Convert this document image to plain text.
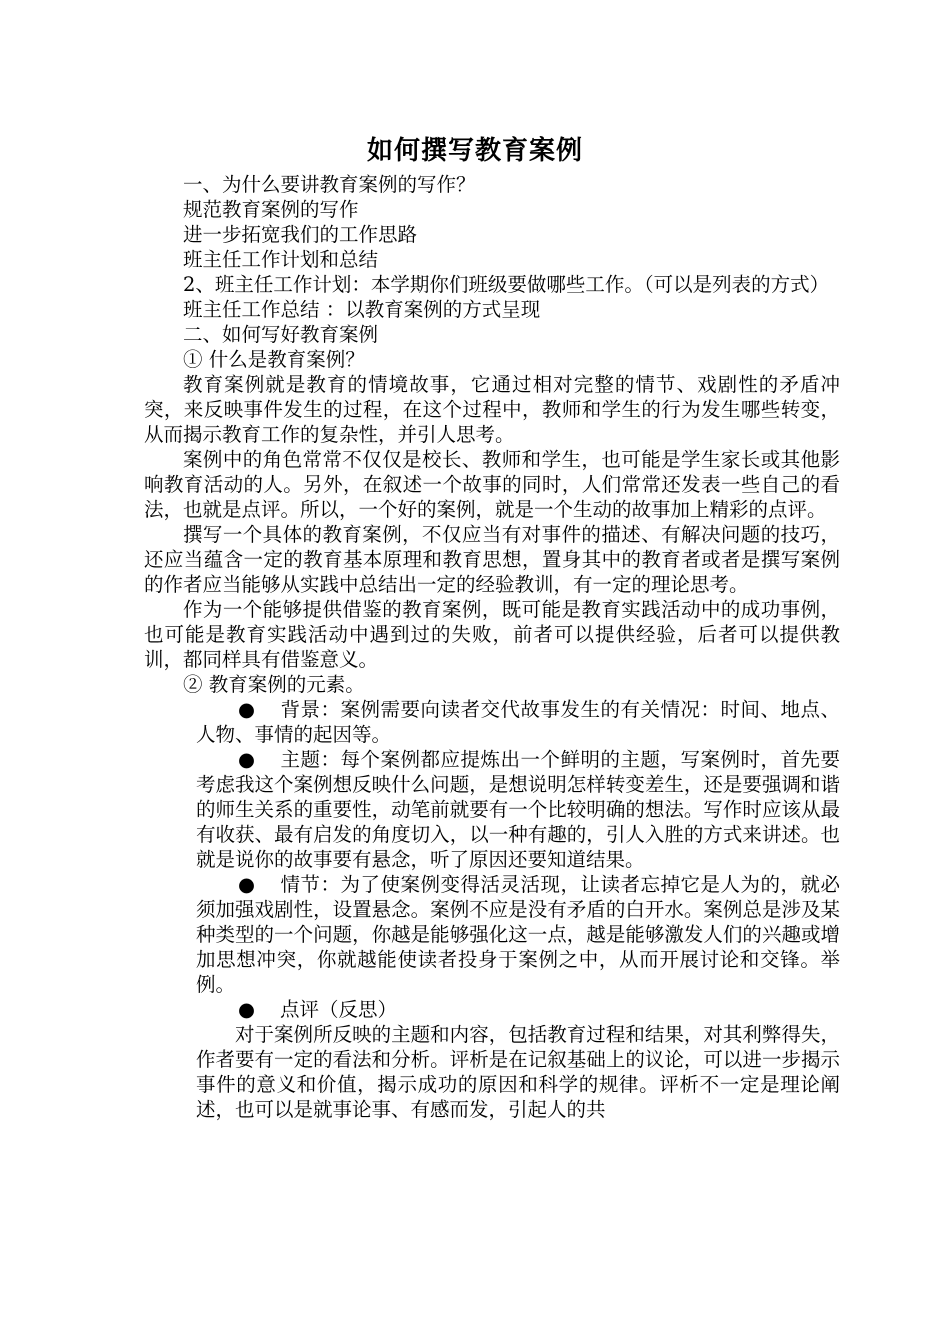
如何撰写教育案例

一、为什么要讲教育案例的写作？

规范教育案例的写作

进一步拓宽我们的工作思路

班主任工作计划和总结

2、班主任工作计划：本学期你们班级要做哪些工作。（可以是列表的方式）

班主任工作总结 ：以教育案例的方式呈现

二、如何写好教育案例

① 什么是教育案例？

教育案例就是教育的情境故事，它通过相对完整的情节、戏剧性的矛盾冲突，来反映事件发生的过程，在这个过程中，教师和学生的行为发生哪些转变，从而揭示教育工作的复杂性，并引人思考。

案例中的角色常常不仅仅是校长、教师和学生，也可能是学生家长或其他影响教育活动的人。另外，在叙述一个故事的同时，人们常常还发表一些自己的看法，也就是点评。所以，一个好的案例，就是一个生动的故事加上精彩的点评。

撰写一个具体的教育案例，不仅应当有对事件的描述、有解决问题的技巧，还应当蕴含一定的教育基本原理和教育思想，置身其中的教育者或者是撰写案例的作者应当能够从实践中总结出一定的经验教训，有一定的理论思考。

作为一个能够提供借鉴的教育案例，既可能是教育实践活动中的成功事例，也可能是教育实践活动中遇到过的失败，前者可以提供经验，后者可以提供教训，都同样具有借鉴意义。

② 教育案例的元素。

● 背景：案例需要向读者交代故事发生的有关情况：时间、地点、人物、事情的起因等。

● 主题：每个案例都应提炼出一个鲜明的主题，写案例时，首先要考虑我这个案例想反映什么问题，是想说明怎样转变差生，还是要强调和谐的师生关系的重要性，动笔前就要有一个比较明确的想法。写作时应该从最有收获、最有启发的角度切入，以一种有趣的，引人入胜的方式来讲述。也就是说你的故事要有悬念，听了原因还要知道结果。

● 情节：为了使案例变得活灵活现，让读者忘掉它是人为的，就必须加强戏剧性，设置悬念。案例不应是没有矛盾的白开水。案例总是涉及某种类型的一个问题，你越是能够强化这一点，越是能够激发人们的兴趣或增加思想冲突，你就越能使读者投身于案例之中，从而开展讨论和交锋。举例。

● 点评（反思）

对于案例所反映的主题和内容，包括教育过程和结果，对其利弊得失，作者要有一定的看法和分析。评析是在记叙基础上的议论，可以进一步揭示事件的意义和价值，揭示成功的原因和科学的规律。评析不一定是理论阐述，也可以是就事论事、有感而发，引起人的共
